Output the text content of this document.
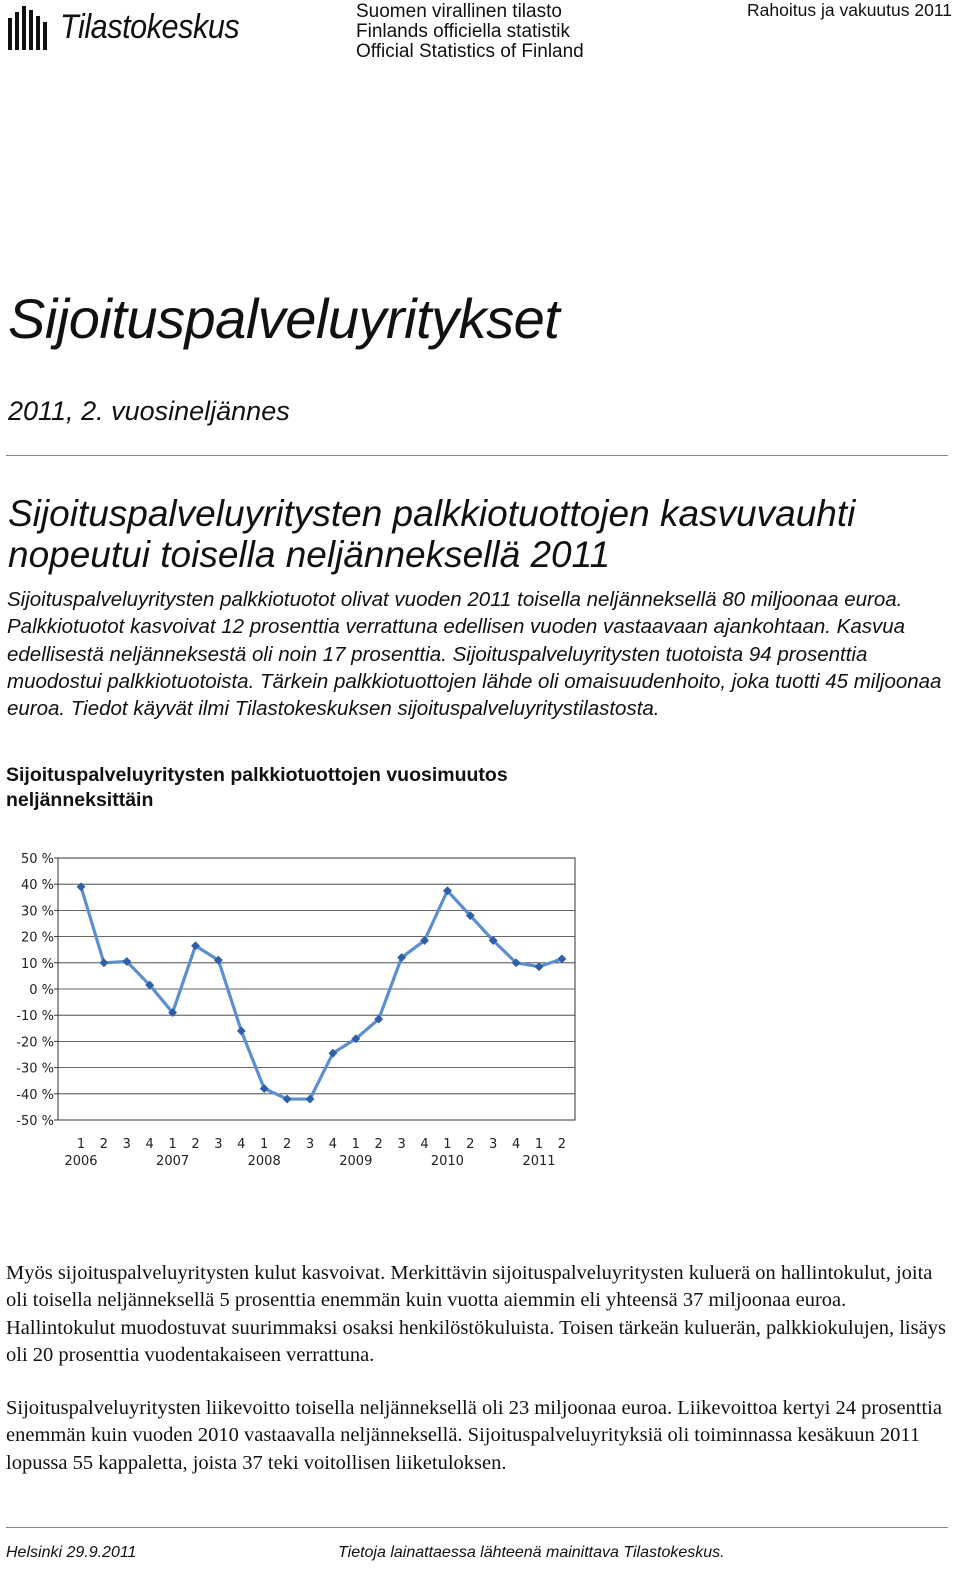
Tilastokeskus	Suomen virallinen tilasto
Finlands officiella statistik
Official Statistics of Finland
Rahoitus ja vakuutus 2011
Sijoituspalveluyritykset
2011, 2. vuosineljännes
Sijoituspalveluyritysten palkkiotuottojen kasvuvauhti nopeutui toisella neljänneksellä 2011
Sijoituspalveluyritysten palkkiotuotot olivat vuoden 2011 toisella neljänneksellä 80 miljoonaa euroa. Palkkiotuotot kasvoivat 12 prosenttia verrattuna edellisen vuoden vastaavaan ajankohtaan. Kasvua edellisestä neljänneksestä oli noin 17 prosenttia. Sijoituspalveluyritysten tuotoista 94 prosenttia muodostui palkkiotuotoista. Tärkein palkkiotuottojen lähde oli omaisuudenhoito, joka tuotti 45 miljoonaa euroa. Tiedot käyvät ilmi Tilastokeskuksen sijoituspalveluyritystilastosta.
Sijoituspalveluyritysten palkkiotuottojen vuosimuutos neljänneksittäin
50 %
40 %
30 %
20 %
10 %
0 %
-10 %
-20 %
-30 %
-40 %
-50 %
1 2 3 4 1 2 3 4 1 2 3 4 1 2 3 4 1 2 3 4 1 2
2006	2007	2008	2009	2010	2011
Myös sijoituspalveluyritysten kulut kasvoivat. Merkittävin sijoituspalveluyritysten kuluerä on hallintokulut, joita oli toisella neljänneksellä 5 prosenttia enemmän kuin vuotta aiemmin eli yhteensä 37 miljoonaa euroa. Hallintokulut muodostuvat suurimmaksi osaksi henkilöstökuluista. Toisen tärkeän kuluerän, palkkiokulujen, lisäys oli 20 prosenttia vuodentakaiseen verrattuna.
Sijoituspalveluyritysten liikevoitto toisella neljänneksellä oli 23 miljoonaa euroa. Liikevoittoa kertyi 24 prosenttia enemmän kuin vuoden 2010 vastaavalla neljänneksellä. Sijoituspalveluyrityksiä oli toiminnassa kesäkuun 2011 lopussa 55 kappaletta, joista 37 teki voitollisen liiketuloksen.
Helsinki 29.9.2011	Tietoja lainattaessa lähteenä mainittava Tilastokeskus.
